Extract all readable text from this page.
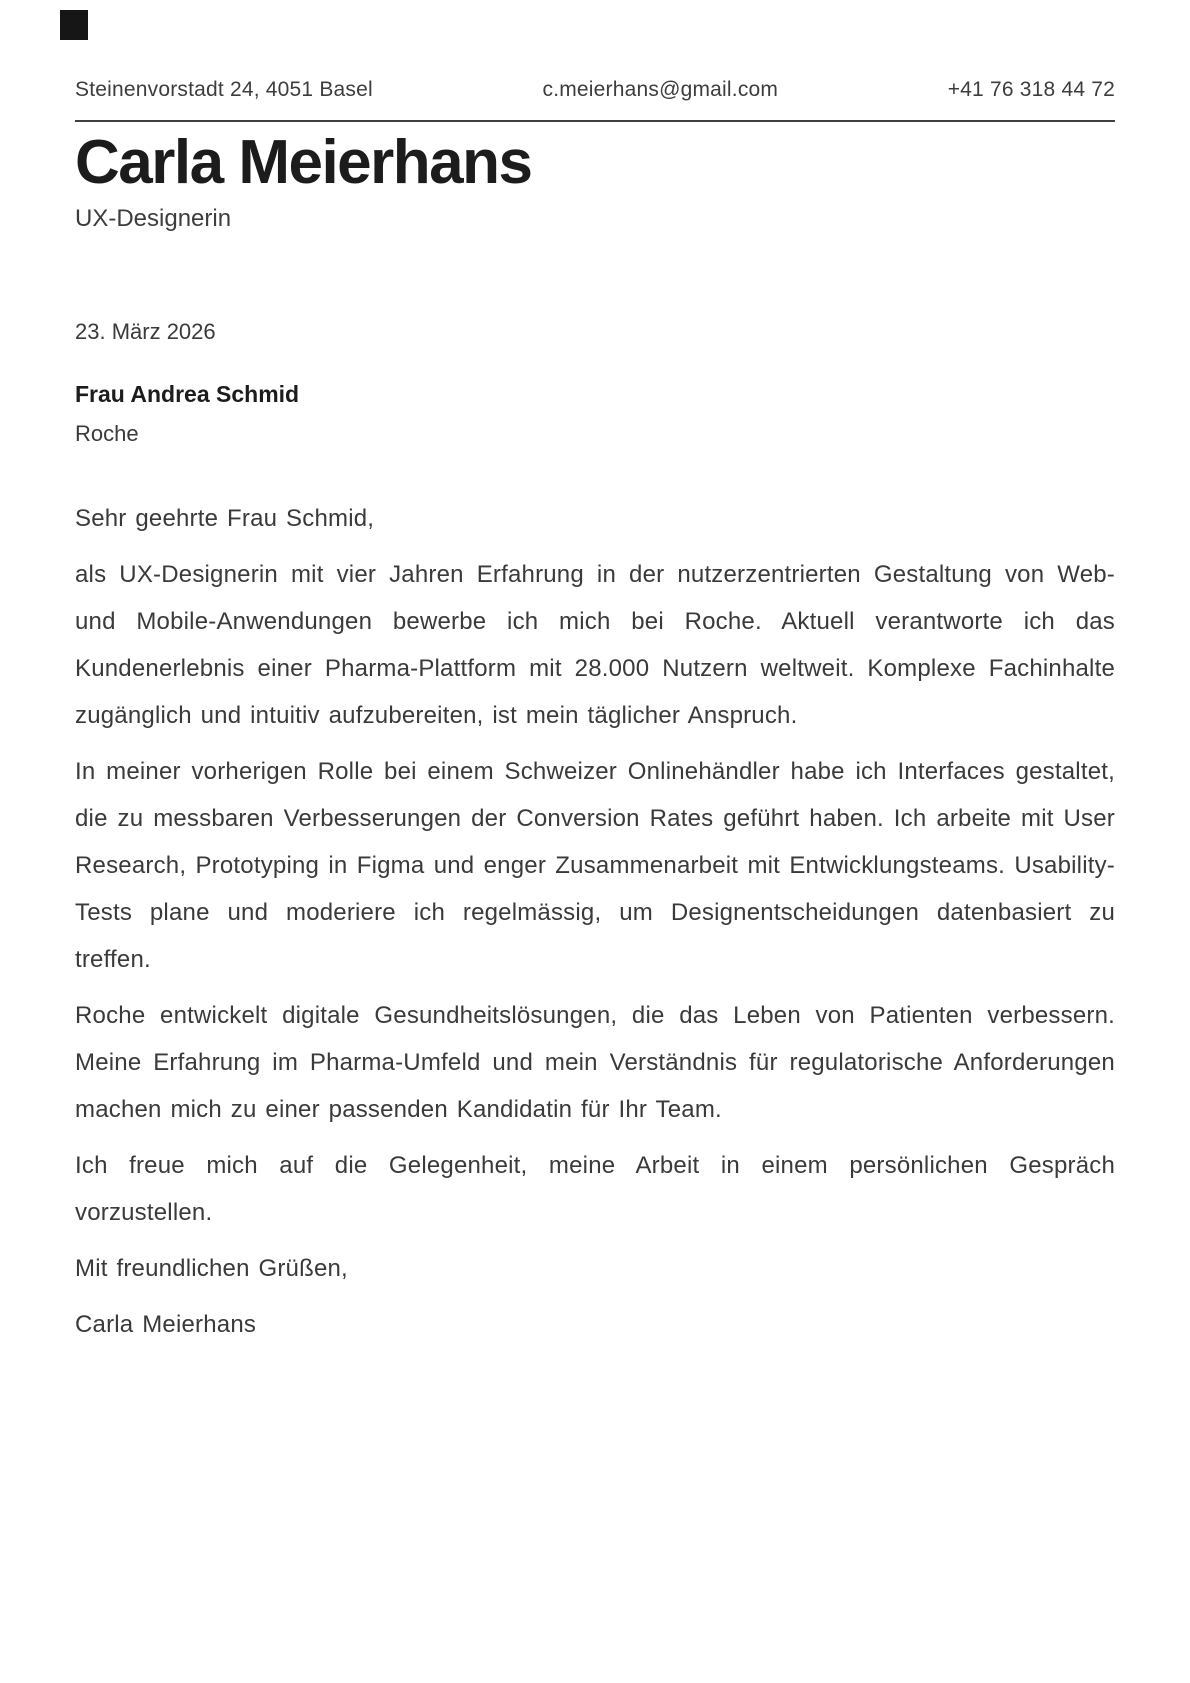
Steinenvorstadt 24, 4051 Basel	c.meierhans@gmail.com	+41 76 318 44 72
Carla Meierhans
UX-Designerin
23. März 2026
Frau Andrea Schmid
Roche

Sehr geehrte Frau Schmid,

als UX-Designerin mit vier Jahren Erfahrung in der nutzerzentrierten Gestaltung von Web- und Mobile-Anwendungen bewerbe ich mich bei Roche. Aktuell verantworte ich das Kundenerlebnis einer Pharma-Plattform mit 28.000 Nutzern weltweit. Komplexe Fachinhalte zugänglich und intuitiv aufzubereiten, ist mein täglicher Anspruch.

In meiner vorherigen Rolle bei einem Schweizer Onlinehändler habe ich Interfaces gestaltet, die zu messbaren Verbesserungen der Conversion Rates geführt haben. Ich arbeite mit User Research, Prototyping in Figma und enger Zusammenarbeit mit Entwicklungsteams. Usability-Tests plane und moderiere ich regelmässig, um Designentscheidungen datenbasiert zu treffen.

Roche entwickelt digitale Gesundheitslösungen, die das Leben von Patienten verbessern. Meine Erfahrung im Pharma-Umfeld und mein Verständnis für regulatorische Anforderungen machen mich zu einer passenden Kandidatin für Ihr Team.

Ich freue mich auf die Gelegenheit, meine Arbeit in einem persönlichen Gespräch vorzustellen.

Mit freundlichen Grüßen,

Carla Meierhans
